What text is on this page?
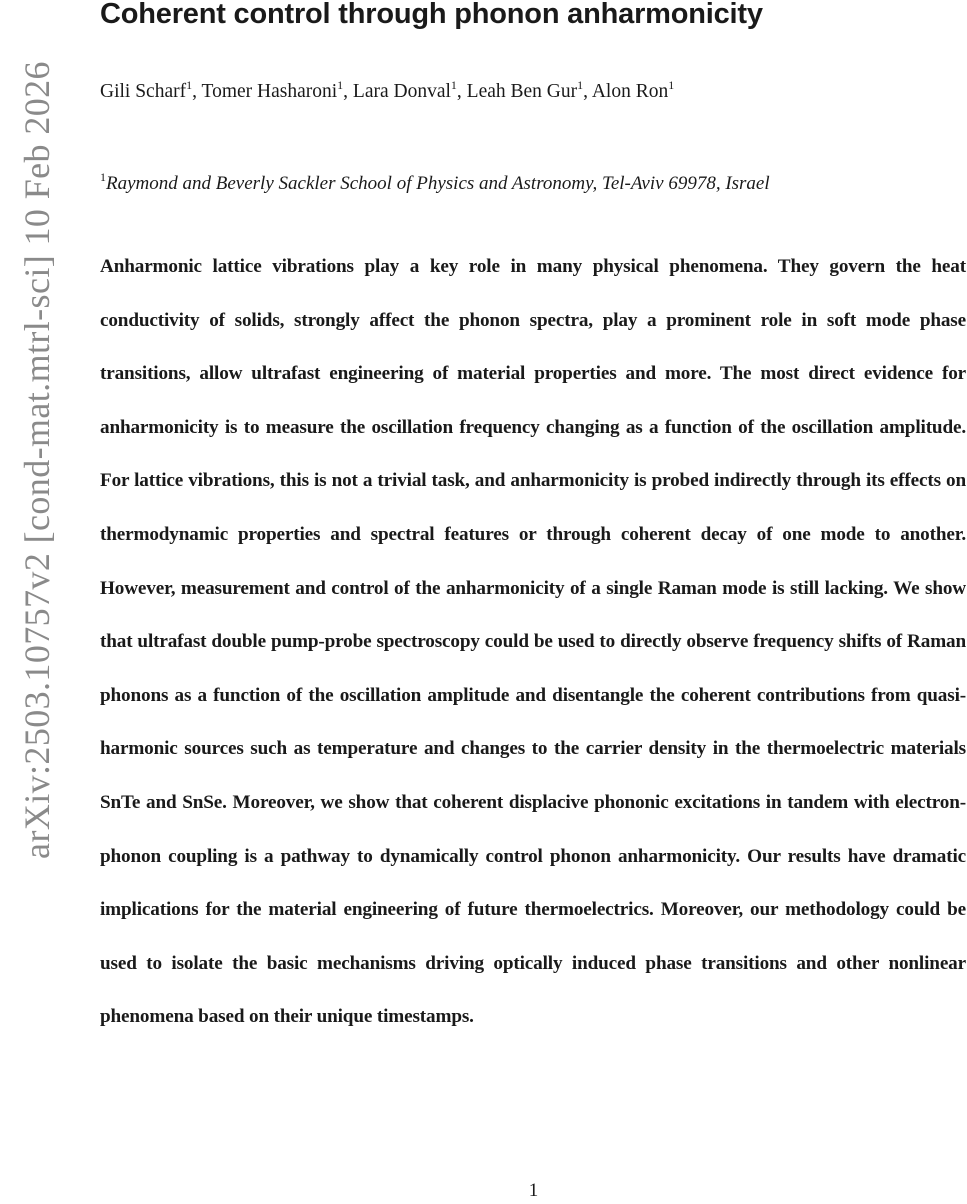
Coherent control through phonon anharmonicity
Gili Scharf$^1$, Tomer Hasharoni$^1$, Lara Donval$^1$, Leah Ben Gur$^1$, Alon Ron$^1$
$^1$Raymond and Beverly Sackler School of Physics and Astronomy, Tel-Aviv 69978, Israel

Anharmonic lattice vibrations play a key role in many physical phenomena. They govern the heat conductivity of solids, strongly affect the phonon spectra, play a prominent role in soft mode phase transitions, allow ultrafast engineering of material properties and more. The most direct evidence for anharmonicity is to measure the oscillation frequency changing as a function of the oscillation amplitude. For lattice vibrations, this is not a trivial task, and anharmonicity is probed indirectly through its effects on thermodynamic properties and spectral features or through coherent decay of one mode to another. However, measurement and control of the anharmonicity of a single Raman mode is still lacking. We show that ultrafast double pump-probe spectroscopy could be used to directly observe frequency shifts of Raman phonons as a function of the oscillation amplitude and disentangle the coherent contributions from quasi-harmonic sources such as temperature and changes to the carrier density in the thermoelectric materials SnTe and SnSe. Moreover, we show that coherent displacive phononic excitations in tandem with electron-phonon coupling is a pathway to dynamically control phonon anharmonicity. Our results have dramatic implications for the material engineering of future thermoelectrics. Moreover, our methodology could be used to isolate the basic mechanisms driving optically induced phase transitions and other nonlinear phenomena based on their unique timestamps.

arXiv:2503.10757v2 [cond-mat.mtrl-sci] 10 Feb 2026
1
